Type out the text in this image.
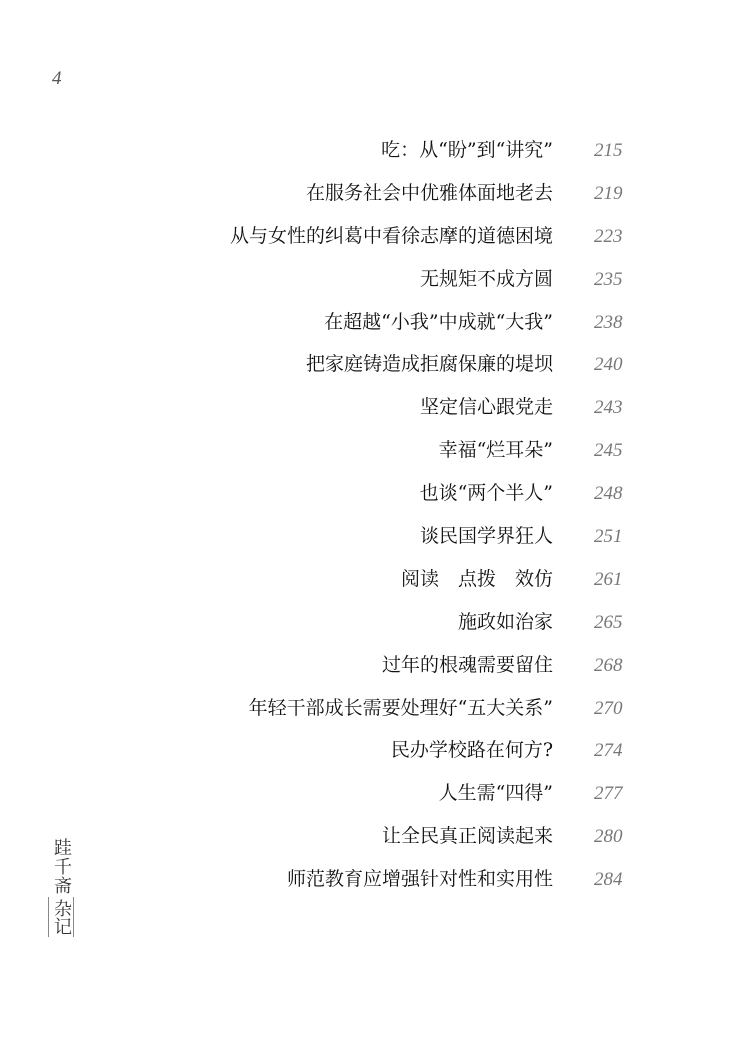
4
吃：从“盼”到“讲究” 215
在服务社会中优雅体面地老去 219
从与女性的纠葛中看徐志摩的道德困境 223
无规矩不成方圆 235
在超越“小我”中成就“大我” 238
把家庭铸造成拒腐保廉的堤坝 240
坚定信心跟党走 243
幸福“烂耳朵” 245
也谈“两个半人” 248
谈民国学界狂人 251
阅读　点拨　效仿 261
施政如治家 265
过年的根魂需要留住 268
年轻干部成长需要处理好“五大关系” 270
民办学校路在何方? 274
人生需“四得” 277
让全民真正阅读起来 280
师范教育应增强针对性和实用性 284
跬千斋
杂记
